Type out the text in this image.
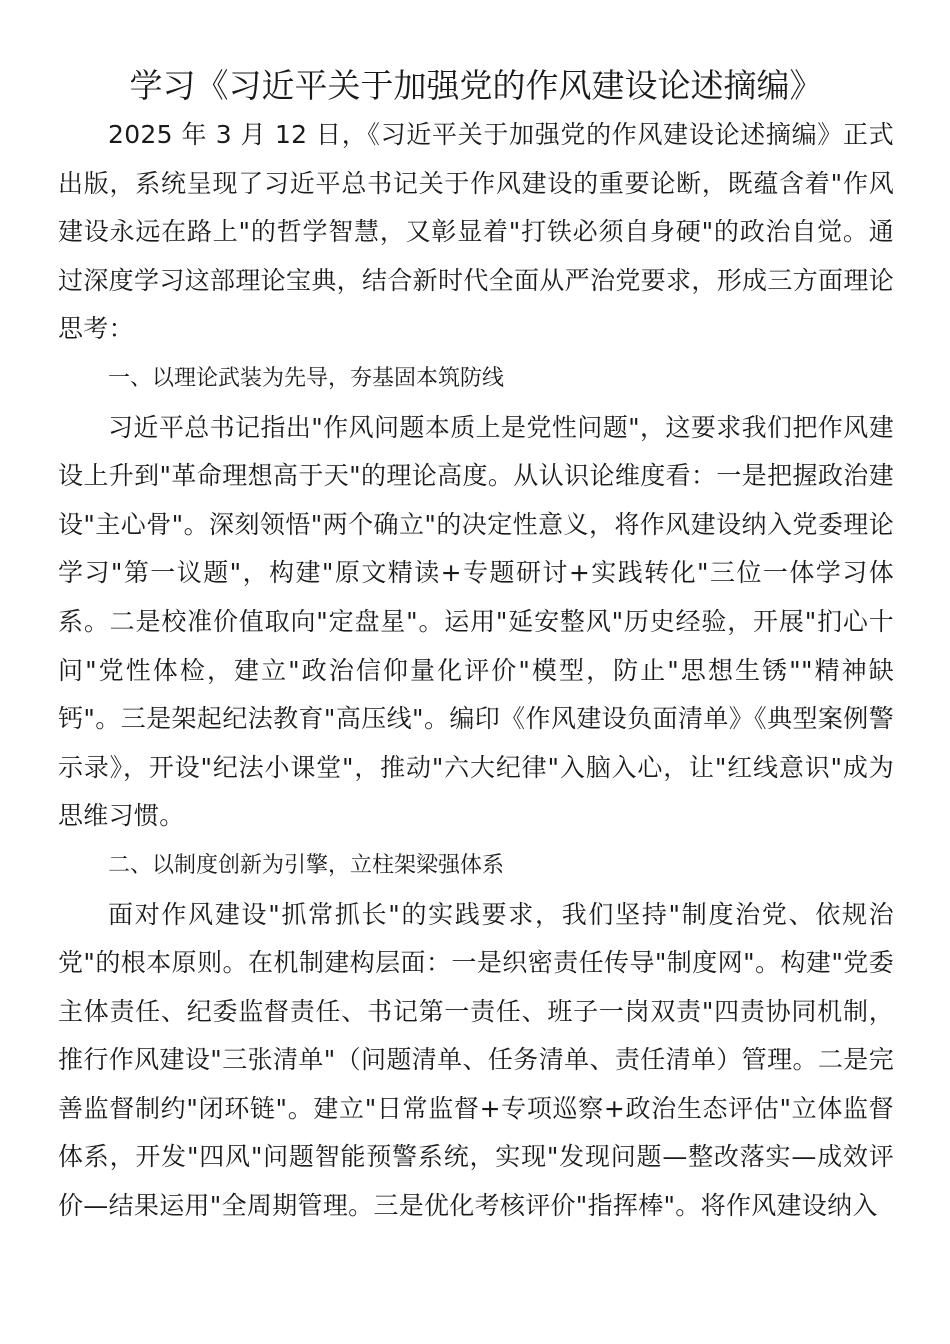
学习《习近平关于加强党的作风建设论述摘编》

2025 年 3 月 12 日，《习近平关于加强党的作风建设论述摘编》正式出版，系统呈现了习近平总书记关于作风建设的重要论断，既蕴含着"作风建设永远在路上"的哲学智慧，又彰显着"打铁必须自身硬"的政治自觉。通过深度学习这部理论宝典，结合新时代全面从严治党要求，形成三方面理论思考：

一、以理论武装为先导，夯基固本筑防线

习近平总书记指出"作风问题本质上是党性问题"，这要求我们把作风建设上升到"革命理想高于天"的理论高度。从认识论维度看：一是把握政治建设"主心骨"。深刻领悟"两个确立"的决定性意义，将作风建设纳入党委理论学习"第一议题"，构建"原文精读+专题研讨+实践转化"三位一体学习体系。二是校准价值取向"定盘星"。运用"延安整风"历史经验，开展"扪心十问"党性体检，建立"政治信仰量化评价"模型，防止"思想生锈""精神缺钙"。三是架起纪法教育"高压线"。编印《作风建设负面清单》《典型案例警示录》，开设"纪法小课堂"，推动"六大纪律"入脑入心，让"红线意识"成为思维习惯。

二、以制度创新为引擎，立柱架梁强体系

面对作风建设"抓常抓长"的实践要求，我们坚持"制度治党、依规治党"的根本原则。在机制建构层面：一是织密责任传导"制度网"。构建"党委主体责任、纪委监督责任、书记第一责任、班子一岗双责"四责协同机制，推行作风建设"三张清单"（问题清单、任务清单、责任清单）管理。二是完善监督制约"闭环链"。建立"日常监督+专项巡察+政治生态评估"立体监督体系，开发"四风"问题智能预警系统，实现"发现问题—整改落实—成效评价—结果运用"全周期管理。三是优化考核评价"指挥棒"。将作风建设纳入
